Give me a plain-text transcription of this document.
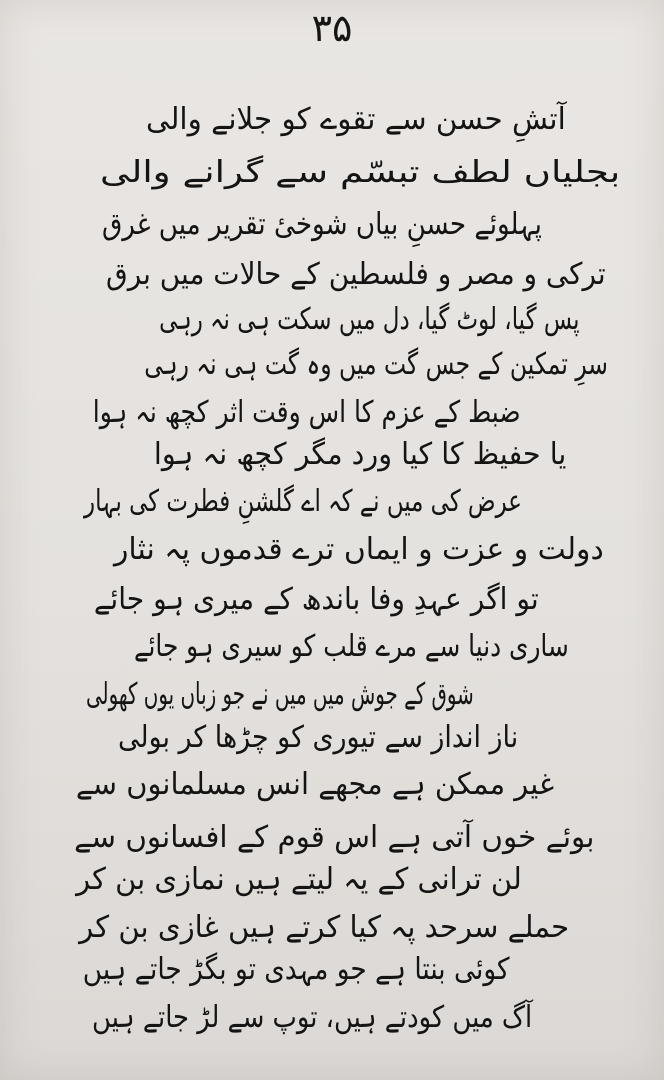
۳۵
آتشِ حسن سے تقوے کو جلانے والی
بجلیاں لطف تبسّم سے گرانے والی
پہلوئے حسنِ بیاں شوخیٔ تقریر میں غرق
ترکی و مصر و فلسطین کے حالات میں برق
پس گیا، لوٹ گیا، دل میں سکت ہی نہ رہی
سرِ تمکین کے جس گت میں وہ گت ہی نہ رہی
ضبط کے عزم کا اس وقت اثر کچھ نہ ہوا
یا حفیظ کا کیا ورد مگر کچھ نہ ہوا
عرض کی میں نے کہ اے گلشنِ فطرت کی بہار
دولت و عزت و ایماں ترے قدموں پہ نثار
تو اگر عہدِ وفا باندھ کے میری ہو جائے
ساری دنیا سے مرے قلب کو سیری ہو جائے
شوق کے جوش میں میں نے جو زباں یوں کھولی
ناز انداز سے تیوری کو چڑھا کر بولی
غیر ممکن ہے مجھے انس مسلمانوں سے
بوئے خوں آتی ہے اس قوم کے افسانوں سے
لن ترانی کے یہ لیتے ہیں نمازی بن کر
حملے سرحد پہ کیا کرتے ہیں غازی بن کر
کوئی بنتا ہے جو مہدی تو بگڑ جاتے ہیں
آگ میں کودتے ہیں، توپ سے لڑ جاتے ہیں
